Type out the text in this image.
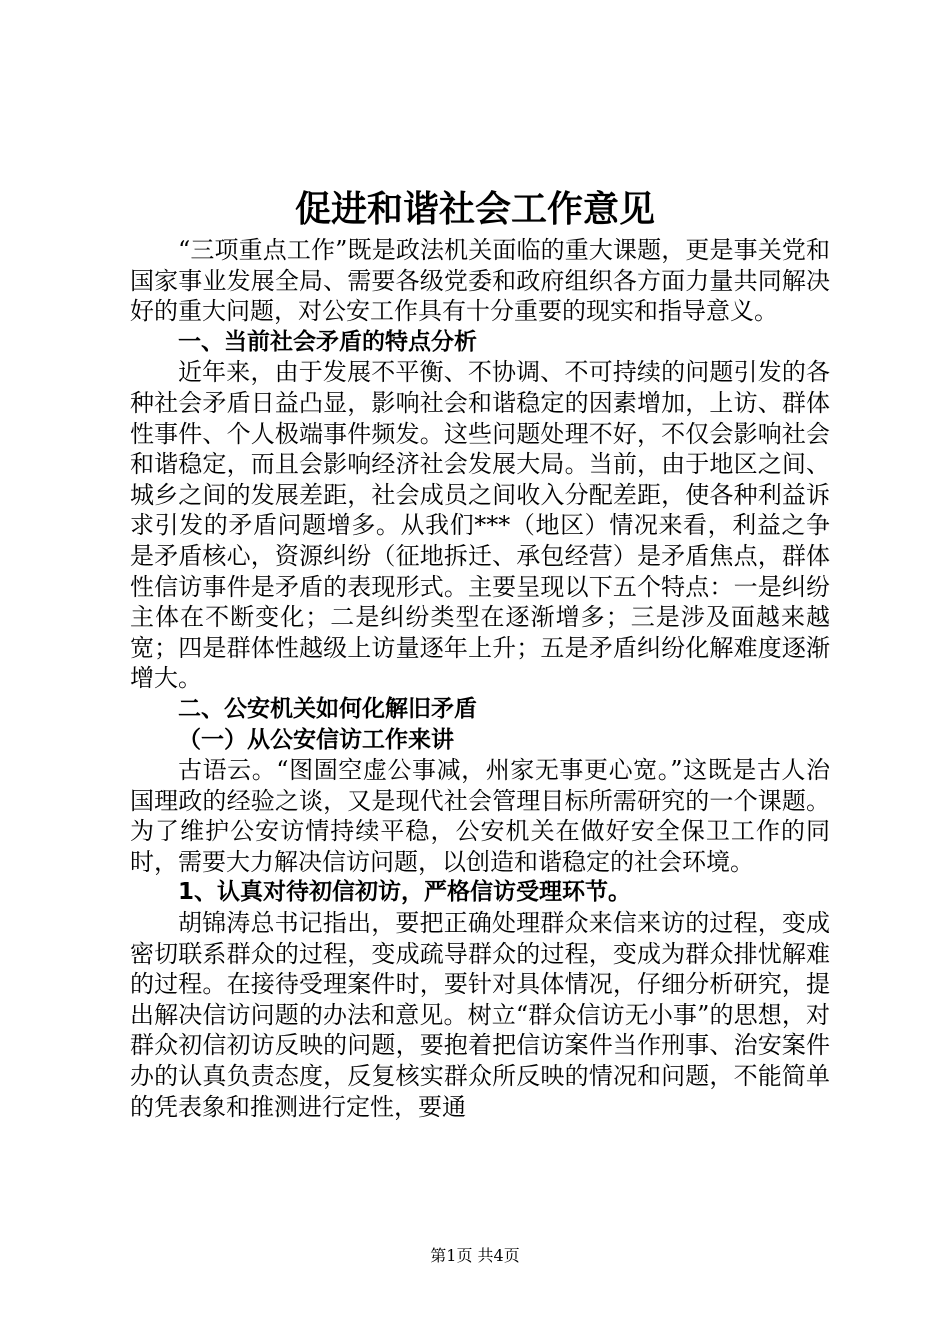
促进和谐社会工作意见

“三项重点工作”既是政法机关面临的重大课题，更是事关党和国家事业发展全局、需要各级党委和政府组织各方面力量共同解决好的重大问题，对公安工作具有十分重要的现实和指导意义。

一、当前社会矛盾的特点分析

近年来，由于发展不平衡、不协调、不可持续的问题引发的各种社会矛盾日益凸显，影响社会和谐稳定的因素增加，上访、群体性事件、个人极端事件频发。这些问题处理不好，不仅会影响社会和谐稳定，而且会影响经济社会发展大局。当前，由于地区之间、城乡之间的发展差距，社会成员之间收入分配差距，使各种利益诉求引发的矛盾问题增多。从我们***（地区）情况来看，利益之争是矛盾核心，资源纠纷（征地拆迁、承包经营）是矛盾焦点，群体性信访事件是矛盾的表现形式。主要呈现以下五个特点：一是纠纷主体在不断变化；二是纠纷类型在逐渐增多；三是涉及面越来越宽；四是群体性越级上访量逐年上升；五是矛盾纠纷化解难度逐渐增大。

二、公安机关如何化解旧矛盾
（一）从公安信访工作来讲

古语云。“图圄空虚公事减，州家无事更心宽。”这既是古人治国理政的经验之谈，又是现代社会管理目标所需研究的一个课题。为了维护公安访情持续平稳，公安机关在做好安全保卫工作的同时，需要大力解决信访问题，以创造和谐稳定的社会环境。

1、认真对待初信初访，严格信访受理环节。

胡锦涛总书记指出，要把正确处理群众来信来访的过程，变成密切联系群众的过程，变成疏导群众的过程，变成为群众排忧解难的过程。在接待受理案件时，要针对具体情况，仔细分析研究，提出解决信访问题的办法和意见。树立“群众信访无小事”的思想，对群众初信初访反映的问题，要抱着把信访案件当作刑事、治安案件办的认真负责态度，反复核实群众所反映的情况和问题，不能简单的凭表象和推测进行定性，要通

第1页 共4页
